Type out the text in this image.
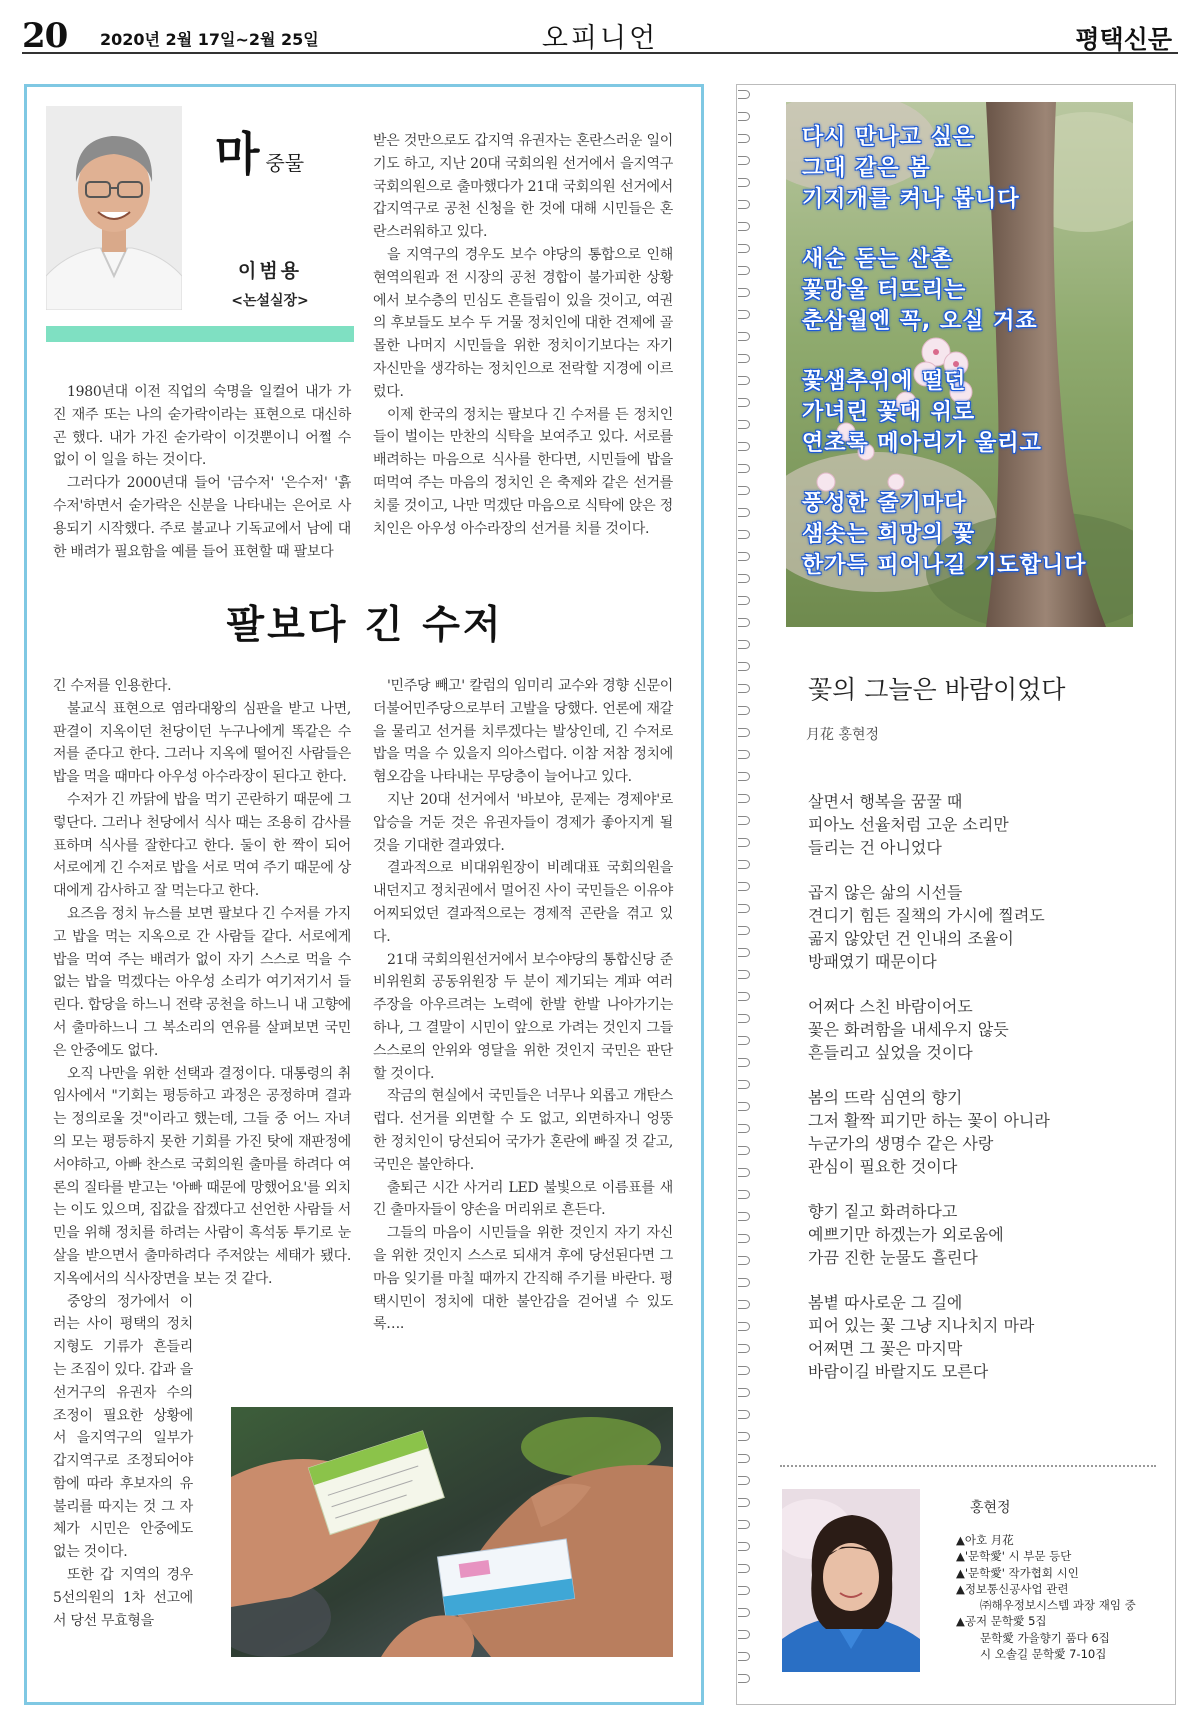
20 2020년 2월 17일~2월 25일	오피니언	평택신문
마중물
이범용
<논설실장>

1980년대 이전 직업의 숙명을 일컬어 내가 가진 재주 또는 나의 숟가락이라는 표현으로 대신하곤 했다. 내가 가진 숟가락이 이것뿐이니 어쩔 수 없이 이 일을 하는 것이다.

그러다가 2000년대 들어 '금수저' '은수저' '흙수저'하면서 숟가락은 신분을 나타내는 은어로 사용되기 시작했다. 주로 불교나 기독교에서 남에 대한 배려가 필요함을 예를 들어 표현할 때 팔보다

받은 것만으로도 갑지역 유권자는 혼란스러운 일이기도 하고, 지난 20대 국회의원 선거에서 을지역구 국회의원으로 출마했다가 21대 국회의원 선거에서 갑지역구로 공천 신청을 한 것에 대해 시민들은 혼란스러워하고 있다.

을 지역구의 경우도 보수 야당의 통합으로 인해 현역의원과 전 시장의 공천 경합이 불가피한 상황에서 보수층의 민심도 흔들림이 있을 것이고, 여권의 후보들도 보수 두 거물 정치인에 대한 견제에 골몰한 나머지 시민들을 위한 정치이기보다는 자기 자신만을 생각하는 정치인으로 전락할 지경에 이르렀다.

이제 한국의 정치는 팔보다 긴 수저를 든 정치인들이 벌이는 만찬의 식탁을 보여주고 있다. 서로를 배려하는 마음으로 식사를 한다면, 시민들에 밥을 떠먹여 주는 마음의 정치인 은 축제와 같은 선거를 치룰 것이고, 나만 먹겠단 마음으로 식탁에 앉은 정치인은 아우성 아수라장의 선거를 치를 것이다.

팔보다 긴 수저

긴 수저를 인용한다.

불교식 표현으로 염라대왕의 심판을 받고 나면, 판결이 지옥이던 천당이던 누구나에게 똑같은 수저를 준다고 한다. 그러나 지옥에 떨어진 사람들은 밥을 먹을 때마다 아우성 아수라장이 된다고 한다.

수저가 긴 까닭에 밥을 먹기 곤란하기 때문에 그렇단다. 그러나 천당에서 식사 때는 조용히 감사를 표하며 식사를 잘한다고 한다. 둘이 한 짝이 되어 서로에게 긴 수저로 밥을 서로 먹여 주기 때문에 상대에게 감사하고 잘 먹는다고 한다.

요즈음 정치 뉴스를 보면 팔보다 긴 수저를 가지고 밥을 먹는 지옥으로 간 사람들 같다. 서로에게 밥을 먹여 주는 배려가 없이 자기 스스로 먹을 수 없는 밥을 먹겠다는 아우성 소리가 여기저기서 들린다. 합당을 하느니 전략 공천을 하느니 내 고향에서 출마하느니 그 복소리의 연유를 살펴보면 국민은 안중에도 없다.

오직 나만을 위한 선택과 결정이다. 대통령의 취임사에서 "기회는 평등하고 과정은 공정하며 결과는 정의로울 것"이라고 했는데, 그들 중 어느 자녀의 모는 평등하지 못한 기회를 가진 탓에 재판정에 서야하고, 아빠 찬스로 국회의원 출마를 하려다 여론의 질타를 받고는 '아빠 때문에 망했어요'를 외치는 이도 있으며, 집값을 잡겠다고 선언한 사람들 서민을 위해 정치를 하려는 사람이 흑석동 투기로 눈살을 받으면서 출마하려다 주저앉는 세태가 됐다. 지옥에서의 식사장면을 보는 것 같다.

중앙의 정가에서 이러는 사이 평택의 정치 지형도 기류가 흔들리는 조짐이 있다. 갑과 을 선거구의 유권자 수의 조정이 필요한 상황에 서 을지역구의 일부가 갑지역구로 조정되어야 함에 따라 후보자의 유불리를 따지는 것 그 자체가 시민은 안중에도 없는 것이다.

또한 갑 지역의 경우 5선의원의 1차 선고에서 당선 무효형을

'민주당 빼고' 칼럼의 임미리 교수와 경향 신문이 더불어민주당으로부터 고발을 당했다. 언론에 재갈을 물리고 선거를 치루겠다는 발상인데, 긴 수저로 밥을 먹을 수 있을지 의아스럽다. 이참 저참 정치에 혐오감을 나타내는 무당층이 늘어나고 있다.

지난 20대 선거에서 '바보야, 문제는 경제야'로 압승을 거둔 것은 유권자들이 경제가 좋아지게 될 것을 기대한 결과였다.

결과적으로 비대위원장이 비례대표 국회의원을 내던지고 정치권에서 멀어진 사이 국민들은 이유야 어찌되었던 결과적으로는 경제적 곤란을 겪고 있다.

21대 국회의원선거에서 보수야당의 통합신당 준비위원회 공동위원장 두 분이 제기되는 계파 여러 주장을 아우르려는 노력에 한발 한발 나아가기는 하나, 그 결말이 시민이 앞으로 가려는 것인지 그들 스스로의 안위와 영달을 위한 것인지 국민은 판단 할 것이다.

작금의 현실에서 국민들은 너무나 외롭고 개탄스럽다. 선거를 외면할 수 도 없고, 외면하자니 엉뚱한 정치인이 당선되어 국가가 혼란에 빠질 것 같고, 국민은 불안하다.

출퇴근 시간 사거리 LED 불빛으로 이름표를 새긴 출마자들이 양손을 머리위로 흔든다.

그들의 마음이 시민들을 위한 것인지 자기 자신을 위한 것인지 스스로 되새겨 후에 당선된다면 그 마음 잊기를 마칠 때까지 간직해 주기를 바란다. 평택시민이 정치에 대한 불안감을 걷어낼 수 있도록….

다시 만나고 싶은
그대 같은 봄
기지개를 켜나 봅니다
새순 돋는 산촌
꽃망울 터뜨리는
춘삼월엔 꼭, 오실 거죠
꽃샘추위에 떨던
가녀린 꽃대 위로
연초록 메아리가 울리고
풍성한 줄기마다
샘솟는 희망의 꽃
한가득 피어나길 기도합니다
꽃의 그늘은 바람이었다
月花 홍현정
살면서 행복을 꿈꿀 때
피아노 선율처럼 고운 소리만
들리는 건 아니었다
곱지 않은 삶의 시선들
견디기 힘든 질책의 가시에 찔려도
곪지 않았던 건 인내의 조율이
방패였기 때문이다
어쩌다 스친 바람이어도
꽃은 화려함을 내세우지 않듯
흔들리고 싶었을 것이다
봄의 뜨락 심연의 향기
그저 활짝 피기만 하는 꽃이 아니라
누군가의 생명수 같은 사랑
관심이 필요한 것이다
향기 짙고 화려하다고
예쁘기만 하겠는가 외로움에
가끔 진한 눈물도 흘린다
봄볕 따사로운 그 길에
피어 있는 꽃 그냥 지나치지 마라
어쩌면 그 꽃은 마지막
바람이길 바랄지도 모른다
홍현정
▲아호 月花
▲'문학愛' 시 부문 등단
▲'문학愛' 작가협회 시인
▲정보통신공사업 관련
㈜해우정보시스템 과장 재임 중
▲공저 문학愛 5집
문학愛 가을향기 품다 6집
시 오솔길 문학愛 7-10집
